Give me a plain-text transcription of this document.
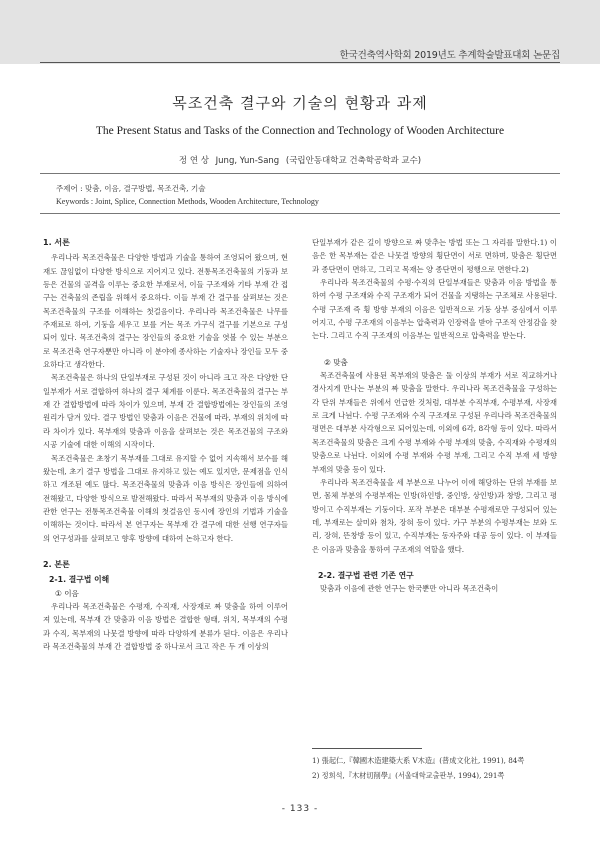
한국건축역사학회 2019년도 추계학술발표대회 논문집
목조건축 결구와 기술의 현황과 과제
The Present Status and Tasks of the Connection and Technology of Wooden Architecture
정 연 상 Jung, Yun-Sang (국립안동대학교 건축학공학과 교수)
주제어 : 맞춤, 이음, 결구방법, 목조건축, 기술
Keywords : Joint, Splice, Connection Methods, Wooden Architecture, Technology
1. 서론

우리나라 목조건축물은 다양한 방법과 기술을 통하여 조영되어 왔으며, 현재도 끊임없이 다양한 방식으로 지어지고 있다. 전통목조건축물의 기둥과 보 등은 건물의 골격을 이루는 중요한 부재로서, 이들 구조재와 기타 부재 간 접구는 건축물의 존립을 위해서 중요하다. 이들 부재 간 결구를 살펴보는 것은 목조건축물의 구조를 이해하는 첫걸음이다. 우리나라 목조건축물은 나무를 주재료로 하여, 기둥을 세우고 보를 거는 목조 가구식 결구를 기본으로 구성되어 있다. 목조건축의 결구는 장인들의 중요한 기술을 엿볼 수 있는 부분으로 목조건축 연구자뿐만 아니라 이 분야에 종사하는 기술자나 장인들 모두 중요하다고 생각한다.

목조건축물은 하나의 단일부재로 구성된 것이 아니라 크고 작은 다양한 단일부재가 서로 결합하여 하나의 결구 체계를 이룬다. 목조건축물의 결구는 부재 간 결합방법에 따라 차이가 있으며, 부재 간 결합방법에는 장인들의 조영 원리가 담겨 있다. 결구 방법인 맞춤과 이음은 건물에 따라, 부재의 위치에 따라 차이가 있다. 목부재의 맞춤과 이음을 살펴보는 것은 목조건물의 구조와 시공 기술에 대한 이해의 시작이다.

목조건축물은 초창기 목부재를 그대로 유지할 수 없어 지속해서 보수를 해왔는데, 초기 결구 방법을 그대로 유지하고 있는 예도 있지만, 문제점을 인식하고 개조된 예도 많다. 목조건축물의 맞춤과 이음 방식은 장인들에 의하여 전해왔고, 다양한 방식으로 발전해왔다. 따라서 목부재의 맞춤과 이음 방식에 관한 연구는 전통목조건축물 이해의 첫걸음인 동시에 장인의 기법과 기술을 이해하는 것이다. 따라서 본 연구자는 목부재 간 결구에 대한 선행 연구자들의 연구성과를 살펴보고 향후 방향에 대하여 논하고자 한다.

2. 본론
2-1. 결구법 이해
① 이음

우리나라 목조건축물은 수평재, 수직재, 사장재로 짜 맞춤을 하여 이루어져 있는데, 목부재 간 맞춤과 이음 방법은 결합한 형태, 위치, 목부재의 수평과 수직, 목부재의 나뭇결 방향에 따라 다양하게 분류가 된다. 이음은 우리나라 목조건축물의 부재 간 결합방법 중 하나로서 크고 작은 두 개 이상의

단일부재가 같은 길이 방향으로 짜 맞추는 방법 또는 그 자리를 말한다.1) 이음은 한 목부재는 같은 나뭇결 방향의 횡단면이 서로 면하며, 맞춤은 횡단면과 종단면이 면하고, 그리고 목재는 양 종단면이 평행으로 면한다.2)

우리나라 목조건축물의 수평·수직의 단일부재들은 맞춤과 이음 방법을 통하여 수평 구조재와 수직 구조재가 되어 건물을 지탱하는 구조체로 사용된다. 수평 구조재 즉 횡 방향 부재의 이음은 일반적으로 기둥 상부 중심에서 이루어지고, 수평 구조재의 이음부는 압축력과 인장력을 받아 구조적 안정감을 찾는다. 그리고 수직 구조재의 이음부는 일반적으로 압축력을 받는다.

② 맞춤

목조건축물에 사용된 목부재의 맞춤은 둘 이상의 부재가 서로 직교하거나 경사지게 만나는 부분의 짜 맞춤을 말한다. 우리나라 목조건축물을 구성하는 각 단위 부재들은 위에서 언급한 것처럼, 대부분 수직부재, 수평부재, 사장재로 크게 나뉜다. 수평 구조재와 수직 구조재로 구성된 우리나라 목조건축물의 평면은 대부분 사각형으로 되어있는데, 이외에 6각, 8각형 등이 있다. 따라서 목조건축물의 맞춤은 크게 수평 부재와 수평 부재의 맞춤, 수직재와 수평재의 맞춤으로 나뉜다. 이외에 수평 부재와 수평 부재, 그리고 수직 부재 세 방향 부재의 맞춤 등이 있다.

우리나라 목조건축물을 세 부분으로 나누어 이에 해당하는 단위 부재를 보면, 몸체 부분의 수평부재는 인방(하인방, 중인방, 상인방)과 창방, 그리고 평방이고 수직부재는 기둥이다. 포작 부분은 대부분 수평재로만 구성되어 있는데, 부재로는 살미와 첨차, 장혀 등이 있다. 가구 부분의 수평부재는 보와 도리, 장혀, 뜬창방 등이 있고, 수직부재는 동자주와 대공 등이 있다. 이 부재들은 이음과 맞춤을 통하여 구조재의 역할을 했다.

2-2. 결구법 관련 기존 연구

맞춤과 이음에 관한 연구는 한국뿐만 아니라 목조건축이

1) 張起仁,『韓國木造建築大系 Ⅴ木造』(普成文化社, 1991), 84쪽
2) 정희석,『木材切削學』(서울대학교출판부, 1994), 291쪽
- 133 -
